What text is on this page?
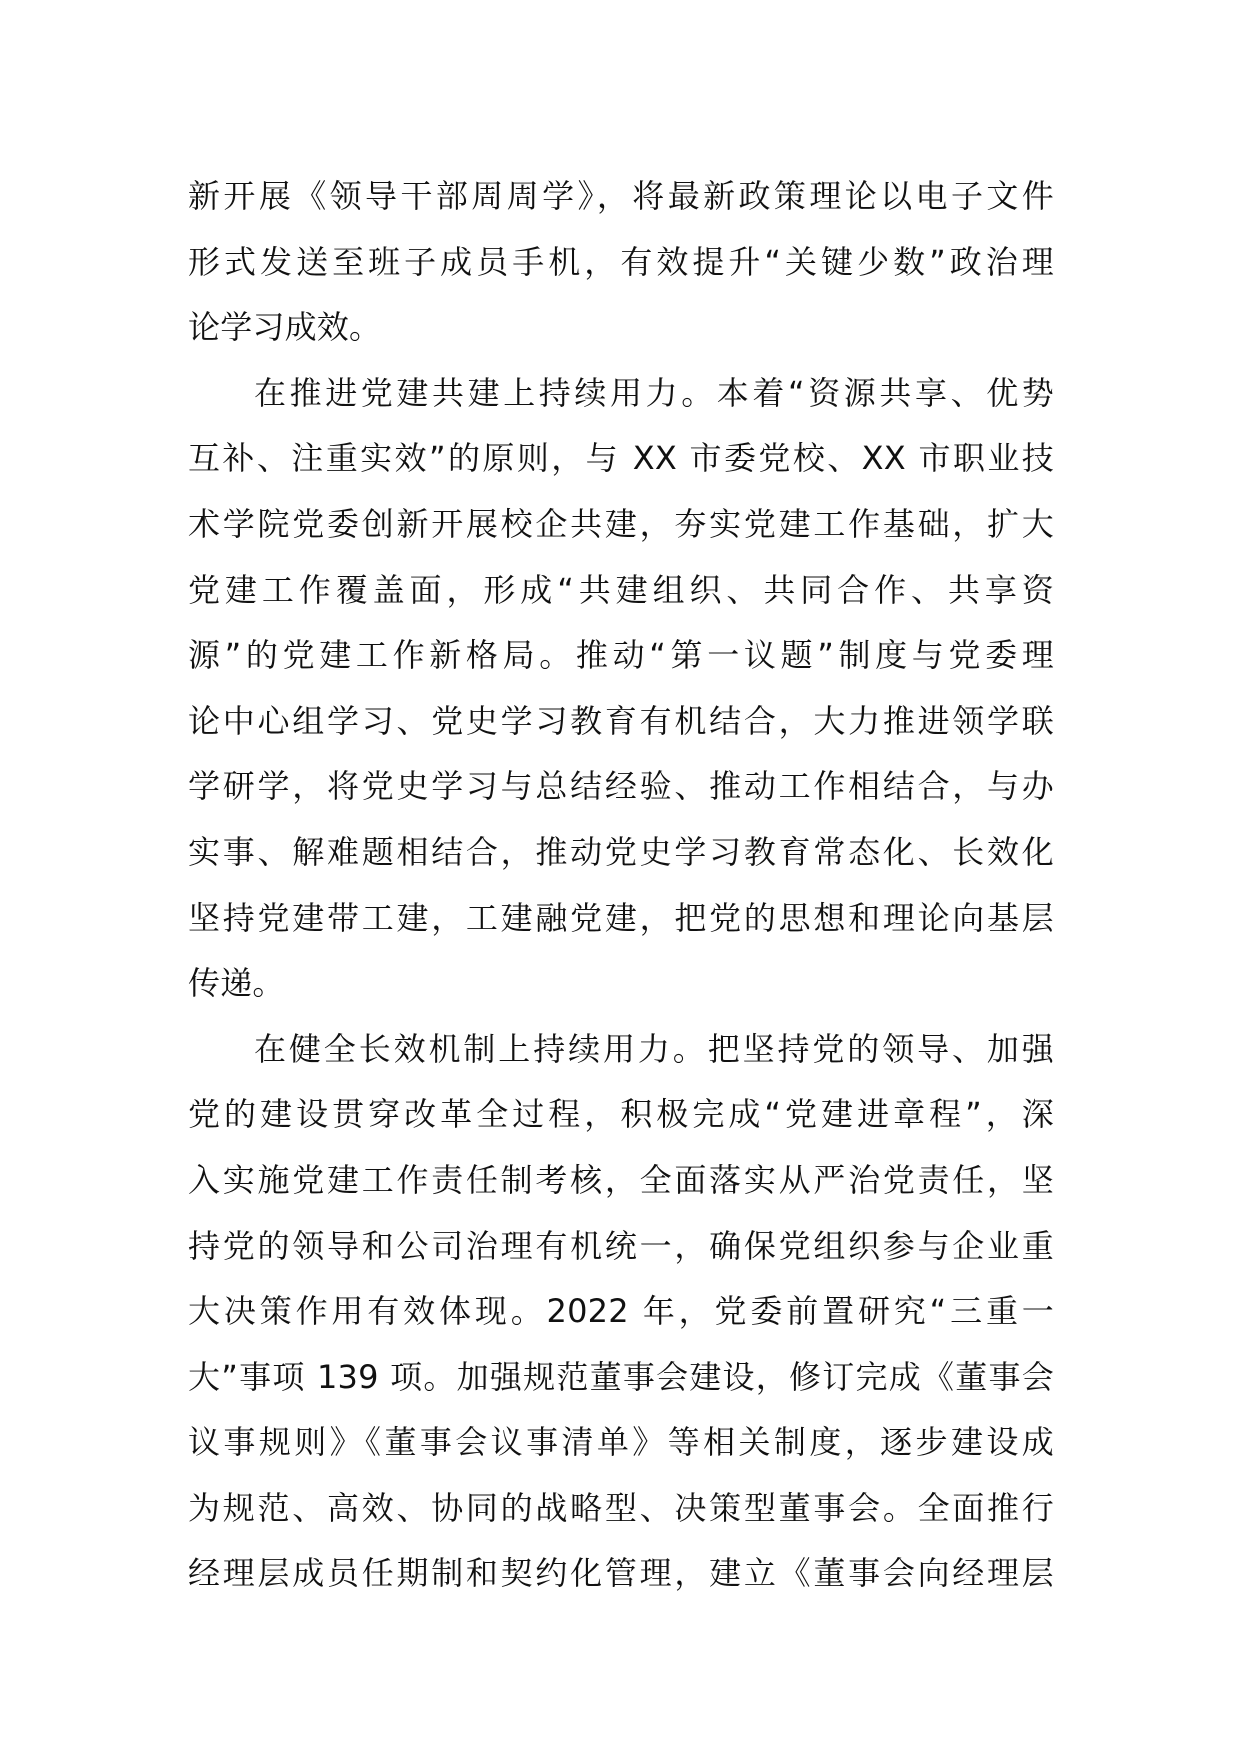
新开展《领导干部周周学》，将最新政策理论以电子文件
形式发送至班子成员手机，有效提升“关键少数”政治理
论学习成效。
在推进党建共建上持续用力。本着“资源共享、优势
互补、注重实效”的原则，与 XX 市委党校、XX 市职业技
术学院党委创新开展校企共建，夯实党建工作基础，扩大
党建工作覆盖面，形成“共建组织、共同合作、共享资
源”的党建工作新格局。推动“第一议题”制度与党委理
论中心组学习、党史学习教育有机结合，大力推进领学联
学研学，将党史学习与总结经验、推动工作相结合，与办
实事、解难题相结合，推动党史学习教育常态化、长效化
坚持党建带工建，工建融党建，把党的思想和理论向基层
传递。
在健全长效机制上持续用力。把坚持党的领导、加强
党的建设贯穿改革全过程，积极完成“党建进章程”，深
入实施党建工作责任制考核，全面落实从严治党责任，坚
持党的领导和公司治理有机统一，确保党组织参与企业重
大决策作用有效体现。2022 年，党委前置研究“三重一
大”事项 139 项。加强规范董事会建设，修订完成《董事会
议事规则》《董事会议事清单》等相关制度，逐步建设成
为规范、高效、协同的战略型、决策型董事会。全面推行
经理层成员任期制和契约化管理，建立《董事会向经理层
